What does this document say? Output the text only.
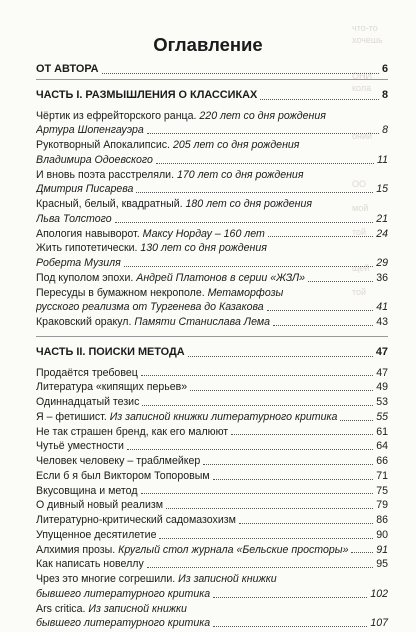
что-то
хочешь

ОНИ
кола

оний

ОО

мой

той

щей

той
Оглавление
ОТ АВТОРА	6
ЧАСТЬ I. РАЗМЫШЛЕНИЯ О КЛАССИКАХ	8
Чёртик из ефрейторского ранца. 220 лет со дня рождения
Артура Шопенгауэра	8
Рукотворный Апокалипсис. 205 лет со дня рождения
Владимира Одоевского	11
И вновь поэта расстреляли. 170 лет со дня рождения
Дмитрия Писарева	15
Красный, белый, квадратный. 180 лет со дня рождения
Льва Толстого	21
Апология навыворот. Максу Нордау – 160 лет	24
Жить гипотетически. 130 лет со дня рождения
Роберта Музиля	29
Под куполом эпохи. Андрей Платонов в серии «ЖЗЛ»	36
Пересуды в бумажном некрополе. Метаморфозы
русского реализма от Тургенева до Казакова	41
Краковский оракул. Памяти Станислава Лема	43
ЧАСТЬ II. ПОИСКИ МЕТОДА	47
Продаётся требовец	47
Литература «кипящих перьев»	49
Одиннадцатый тезис	53
Я – фетишист. Из записной книжки литературного критика	55
Не так страшен бренд, как его малюют	61
Чутьё уместности	64
Человек человеку – траблмейкер	66
Если б я был Виктором Топоровым	71
Вкусовщина и метод	75
О дивный новый реализм	79
Литературно-критический садомазохизм	86
Упущенное десятилетие	90
Алхимия прозы. Круглый стол журнала «Бельские просторы»	91
Как написать новеллу	95
Чрез это многие согрешили. Из записной книжки
бывшего литературного критика	102
Ars critica. Из записной книжки
бывшего литературного критика	107
